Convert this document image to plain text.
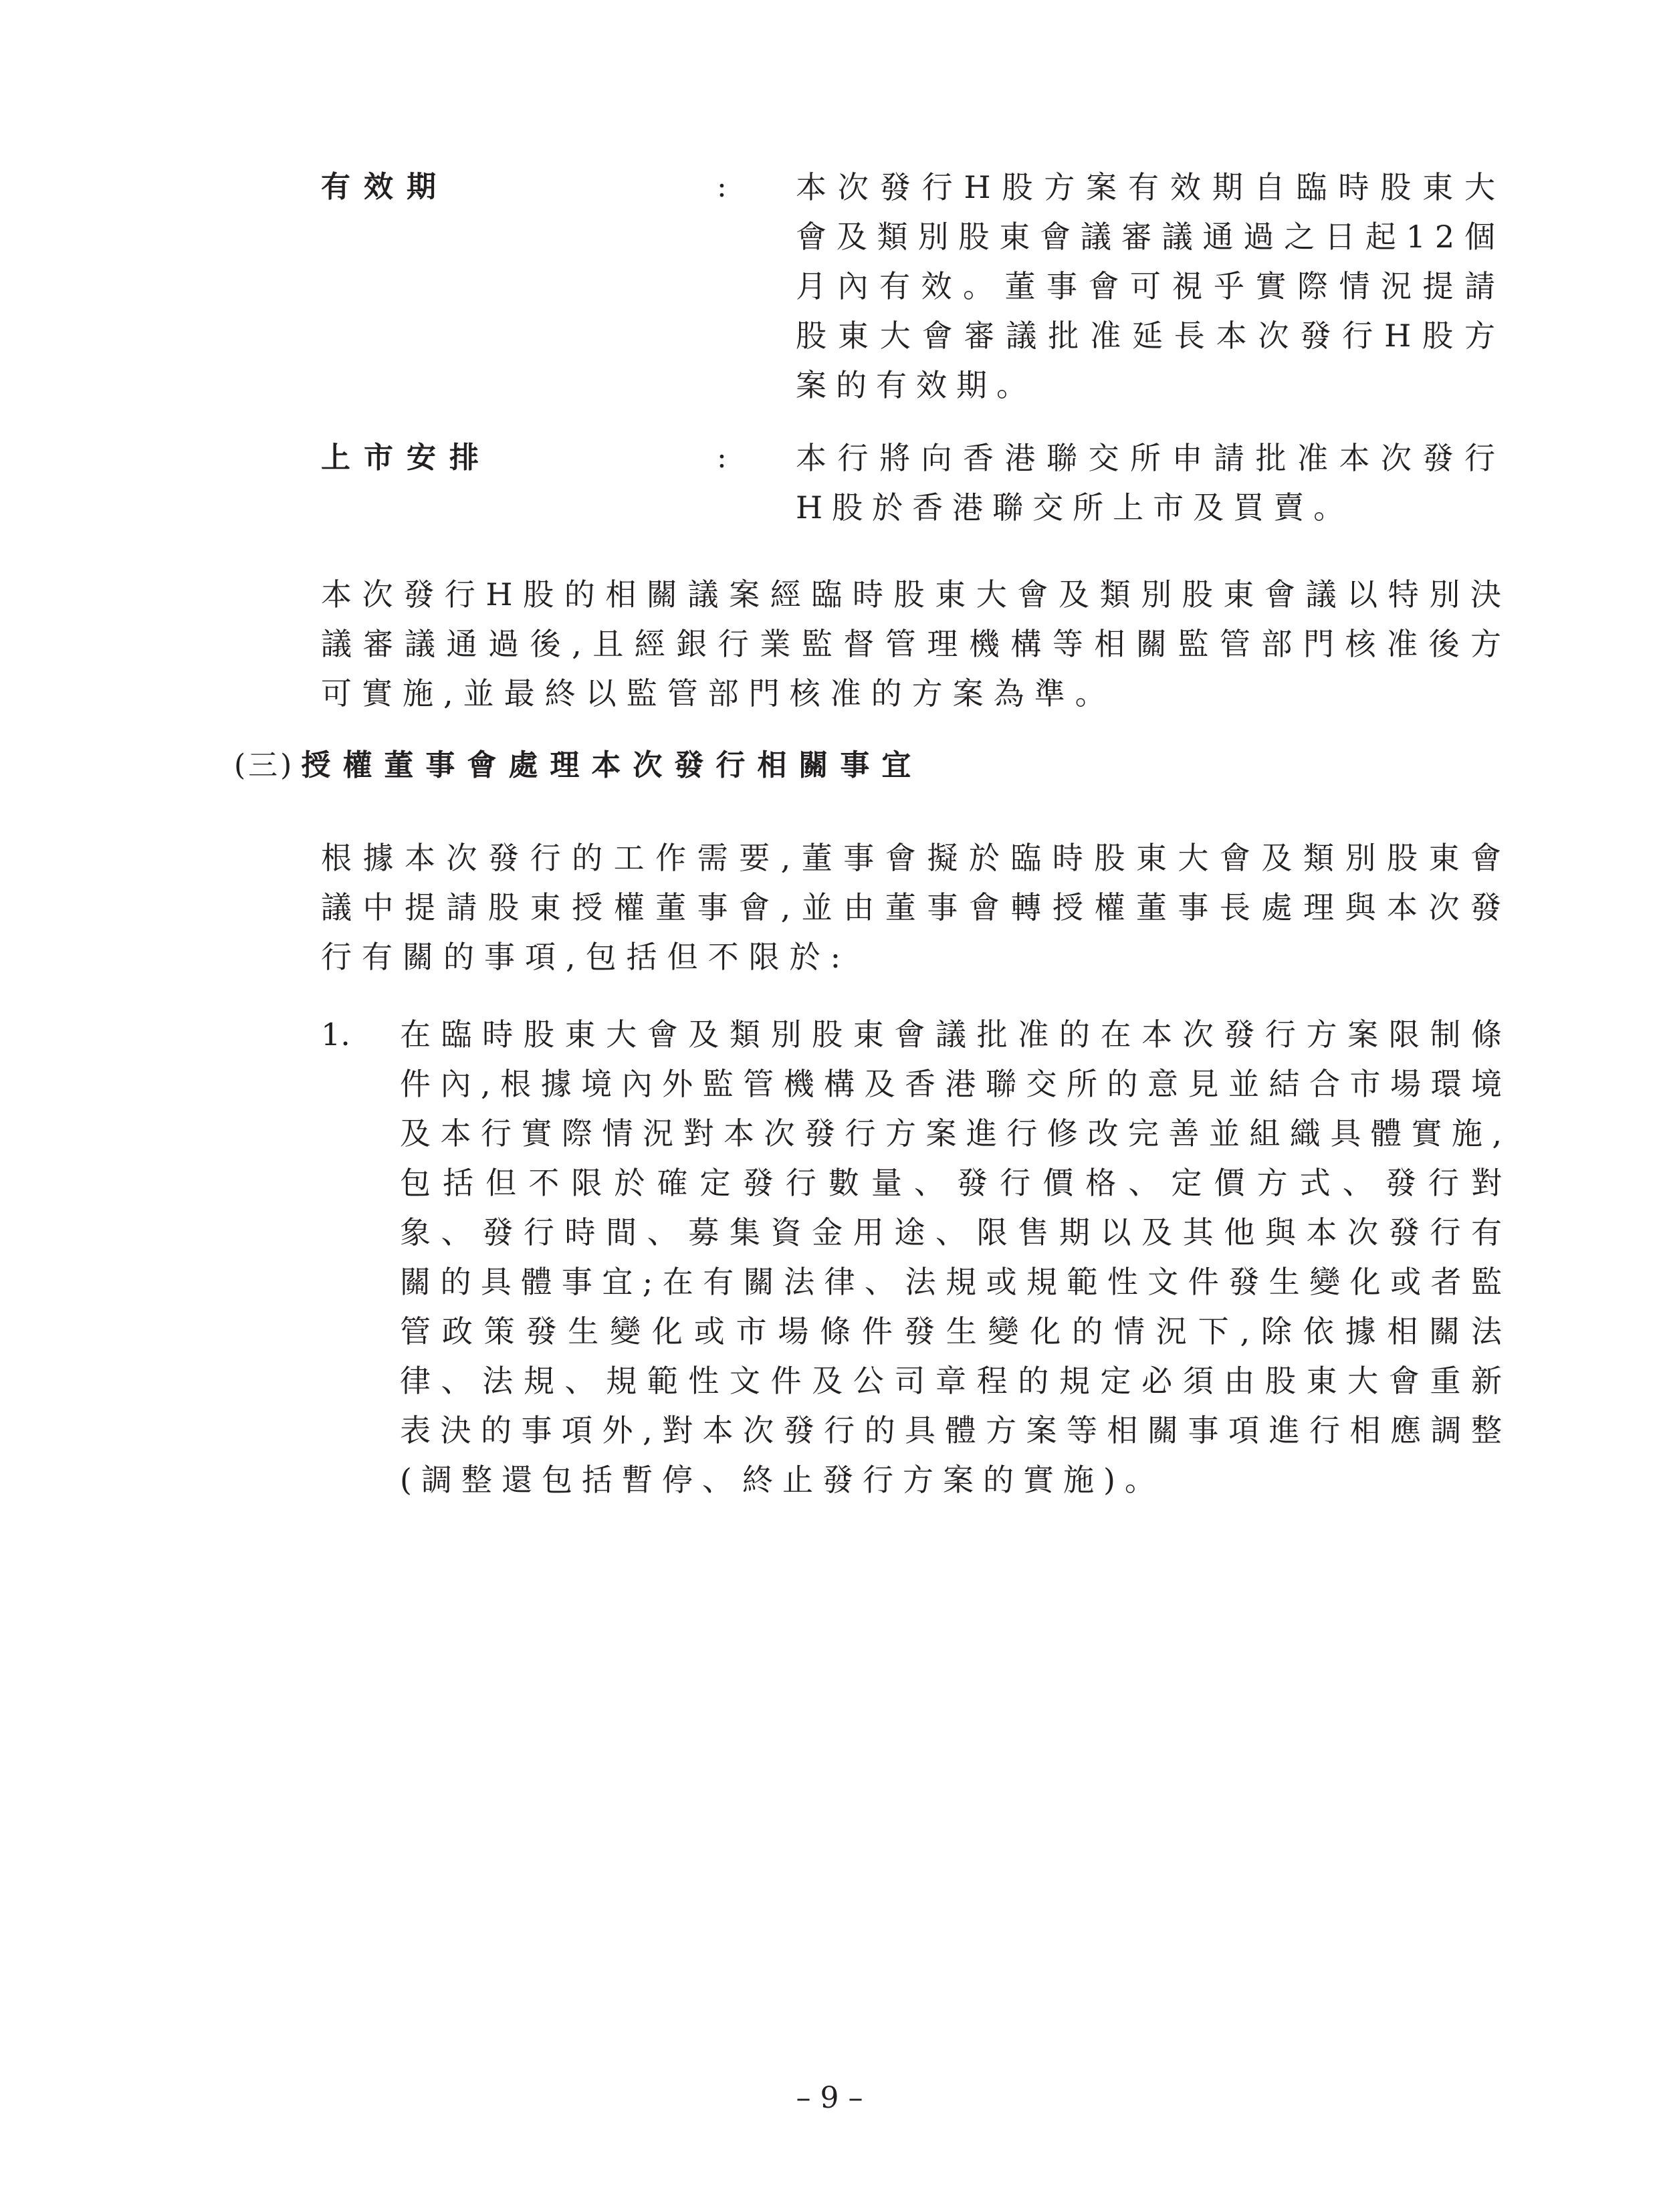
有效期	: 本次發行H股方案有效期自臨時股東大會及類別股東會議審議通過之日起12個月內有效。董事會可視乎實際情況提請股東大會審議批准延長本次發行H股方案的有效期。
上市安排	: 本行將向香港聯交所申請批准本次發行H股於香港聯交所上市及買賣。
本次發行H股的相關議案經臨時股東大會及類別股東會議以特別決議審議通過後,且經銀行業監督管理機構等相關監管部門核准後方可實施,並最終以監管部門核准的方案為準。
(三) 授權董事會處理本次發行相關事宜
根據本次發行的工作需要,董事會擬於臨時股東大會及類別股東會議中提請股東授權董事會,並由董事會轉授權董事長處理與本次發行有關的事項,包括但不限於:
1. 在臨時股東大會及類別股東會議批准的在本次發行方案限制條件內,根據境內外監管機構及香港聯交所的意見並結合市場環境及本行實際情況對本次發行方案進行修改完善並組織具體實施,包括但不限於確定發行數量、發行價格、定價方式、發行對象、發行時間、募集資金用途、限售期以及其他與本次發行有關的具體事宜;在有關法律、法規或規範性文件發生變化或者監管政策發生變化或市場條件發生變化的情況下,除依據相關法律、法規、規範性文件及公司章程的規定必須由股東大會重新表決的事項外,對本次發行的具體方案等相關事項進行相應調整(調整還包括暫停、終止發行方案的實施)。
– 9 –
